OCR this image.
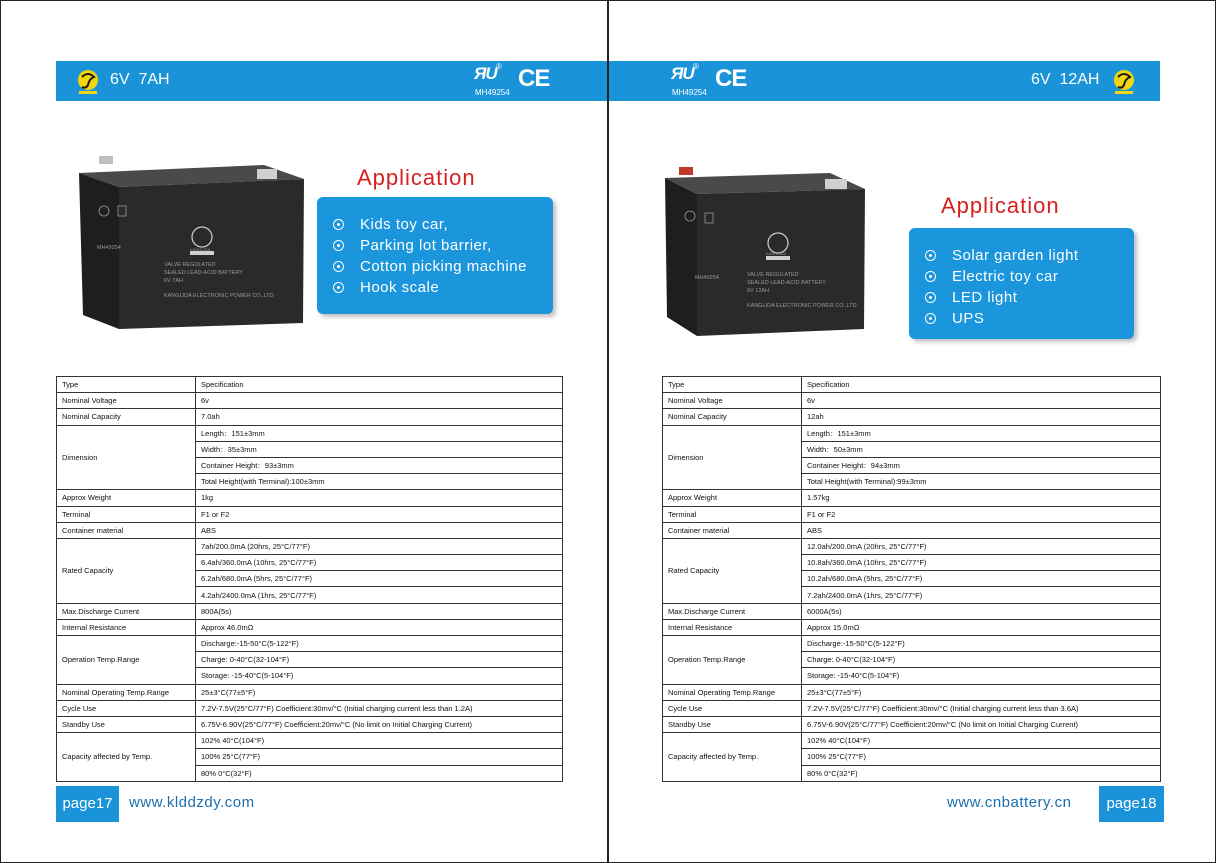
6V  7AH	ЯU ®
MH49254
CE
MH49254	KANGLIDA
VALVE REGULATED
SEALED LEAD-ACID BATTERY
6V 7AH
KANGLIDA ELECTRONIC POWER CO.,LTD
Application
Kids toy car,
Parking lot barrier,
Cotton picking machine
Hook scale
Type	Specification
Nominal Voltage	6v
Nominal Capacity	7.0ah
Dimension	Length：151±3mm
	Width：35±3mm
	Container Height：93±3mm
	Total Height(with Terminal):100±3mm
Approx Weight	1kg
Terminal	F1 or F2
Container material	ABS
Rated Capacity	7ah/200.0mA (20hrs, 25°C/77°F)
	6.4ah/360.0mA (10hrs, 25°C/77°F)
	6.2ah/680.0mA (5hrs, 25°C/77°F)
	4.2ah/2400.0mA (1hrs, 25°C/77°F)
Max.Discharge Current	800A(5s)
Internal Resistance	Approx 46.0mΩ
Operation Temp.Range	Discharge:-15-50°C(5-122°F)
	Charge: 0-40°C(32-104°F)
	Storage: -15-40°C(5-104°F)
Nominal Operating Temp.Range	25±3°C(77±5°F)
Cycle Use	7.2V-7.5V(25°C/77°F) Coefficient:30mv/°C (Initial charging current less than 1.2A)
Standby Use	6.75V-6.90V(25°C/77°F) Coefficient:20mv/°C (No limit on Initial Charging Current)
Capacity affected by Temp.	102% 40°C(104°F)
	100% 25°C(77°F)
	80% 0°C(32°F)
page17	www.klddzdy.com
ЯU ®
MH49254
CE	6V  12AH
MH49254
KANGLIDA
VALVE REGULATED
SEALED LEAD-ACID BATTERY
6V 12AH
KANGLIDA ELECTRONIC POWER CO.,LTD
Application
Solar garden light
Electric toy car
LED light
UPS
Type	Specification
Nominal Voltage	6v
Nominal Capacity	12ah
Dimension	Length：151±3mm
	Width：50±3mm
	Container Height：94±3mm
	Total Height(with Terminal):99±3mm
Approx Weight	1.57kg
Terminal	F1 or F2
Container material	ABS
Rated Capacity	12.0ah/200.0mA (20hrs, 25°C/77°F)
	10.8ah/360.0mA (10hrs, 25°C/77°F)
	10.2ah/680.0mA (5hrs, 25°C/77°F)
	7.2ah/2400.0mA (1hrs, 25°C/77°F)
Max.Discharge Current	6000A(5s)
Internal Resistance	Approx 15.0mΩ
Operation Temp.Range	Discharge:-15-50°C(5-122°F)
	Charge: 0-40°C(32-104°F)
	Storage: -15-40°C(5-104°F)
Nominal Operating Temp.Range	25±3°C(77±5°F)
Cycle Use	7.2V-7.5V(25°C/77°F) Coefficient:30mv/°C (Initial charging current less than 3.6A)
Standby Use	6.75V-6.90V(25°C/77°F) Coefficient:20mv/°C (No limit on Initial Charging Current)
Capacity affected by Temp.	102% 40°C(104°F)
	100% 25°C(77°F)
	80% 0°C(32°F)
www.cnbattery.cn	page18
